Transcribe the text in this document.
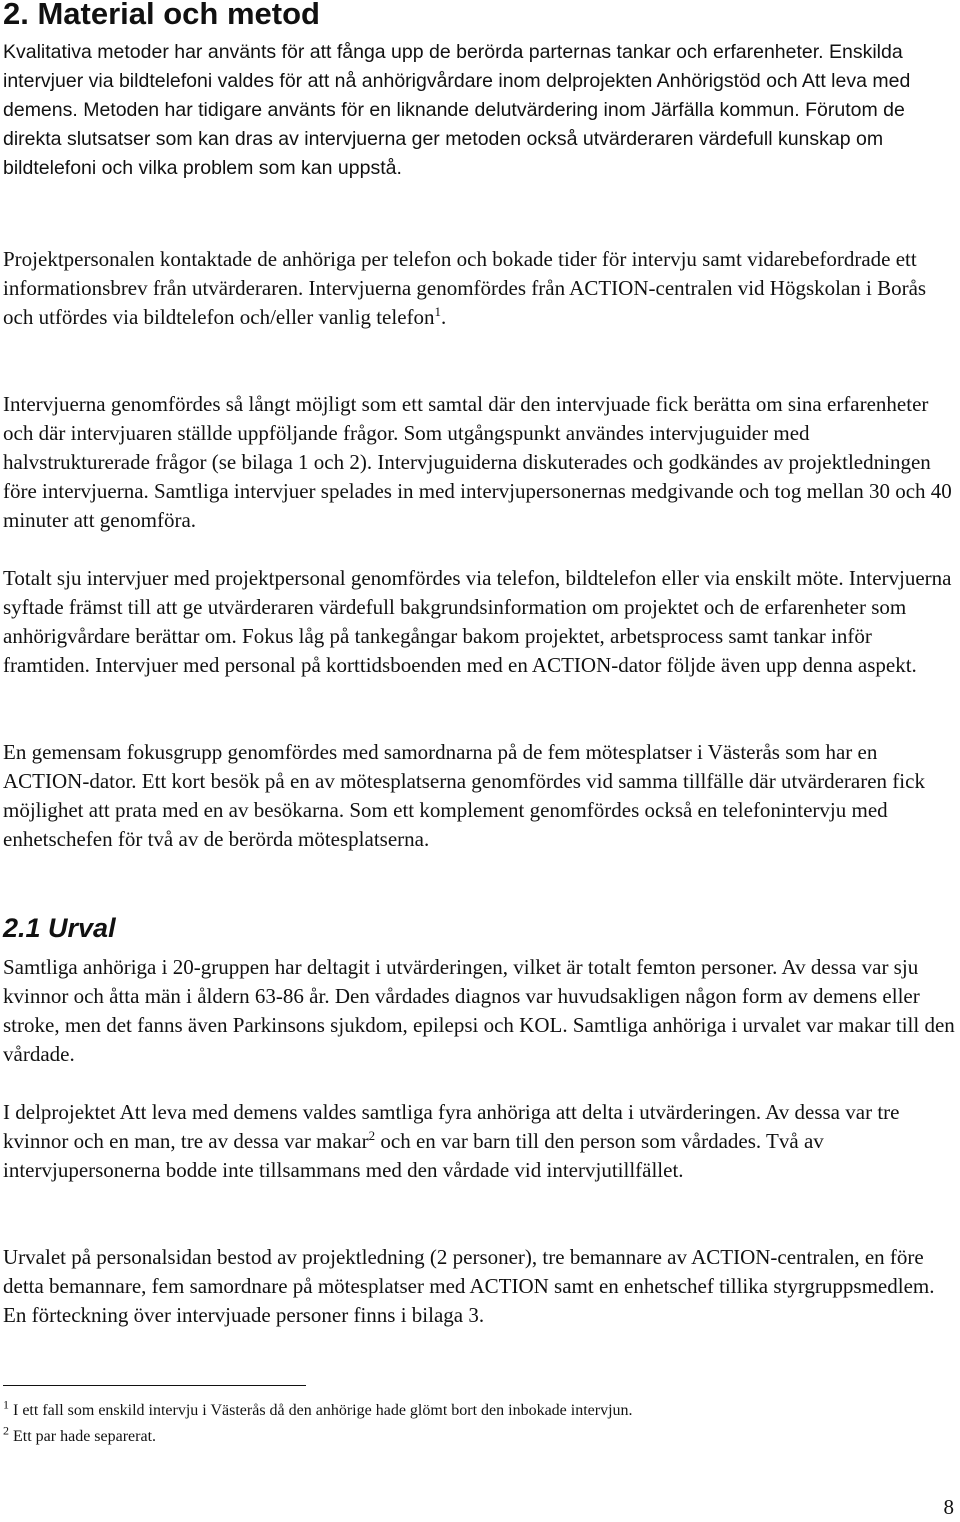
2. Material och metod

Kvalitativa metoder har använts för att fånga upp de berörda parternas tankar och erfarenheter. Enskilda intervjuer via bildtelefoni valdes för att nå anhörigvårdare inom delprojekten Anhörigstöd och Att leva med demens. Metoden har tidigare använts för en liknande delutvärdering inom Järfälla kommun. Förutom de direkta slutsatser som kan dras av intervjuerna ger metoden också utvärderaren värdefull kunskap om bildtelefoni och vilka problem som kan uppstå.

Projektpersonalen kontaktade de anhöriga per telefon och bokade tider för intervju samt vidarebefordrade ett informationsbrev från utvärderaren. Intervjuerna genomfördes från ACTION-centralen vid Högskolan i Borås och utfördes via bildtelefon och/eller vanlig telefon$^1$.

Intervjuerna genomfördes så långt möjligt som ett samtal där den intervjuade fick berätta om sina erfarenheter och där intervjuaren ställde uppföljande frågor. Som utgångspunkt användes intervjuguider med halvstrukturerade frågor (se bilaga 1 och 2). Intervjuguiderna diskuterades och godkändes av projektledningen före intervjuerna. Samtliga intervjuer spelades in med intervjupersonernas medgivande och tog mellan 30 och 40 minuter att genomföra.

Totalt sju intervjuer med projektpersonal genomfördes via telefon, bildtelefon eller via enskilt möte. Intervjuerna syftade främst till att ge utvärderaren värdefull bakgrundsinformation om projektet och de erfarenheter som anhörigvårdare berättar om. Fokus låg på tankegångar bakom projektet, arbetsprocess samt tankar inför framtiden. Intervjuer med personal på korttidsboenden med en ACTION-dator följde även upp denna aspekt.

En gemensam fokusgrupp genomfördes med samordnarna på de fem mötesplatser i Västerås som har en ACTION-dator. Ett kort besök på en av mötesplatserna genomfördes vid samma tillfälle där utvärderaren fick möjlighet att prata med en av besökarna. Som ett komplement genomfördes också en telefonintervju med enhetschefen för två av de berörda mötesplatserna.

2.1 Urval

Samtliga anhöriga i 20-gruppen har deltagit i utvärderingen, vilket är totalt femton personer. Av dessa var sju kvinnor och åtta män i åldern 63-86 år. Den vårdades diagnos var huvudsakligen någon form av demens eller stroke, men det fanns även Parkinsons sjukdom, epilepsi och KOL. Samtliga anhöriga i urvalet var makar till den vårdade.

I delprojektet Att leva med demens valdes samtliga fyra anhöriga att delta i utvärderingen. Av dessa var tre kvinnor och en man, tre av dessa var makar$^2$ och en var barn till den person som vårdades. Två av intervjupersonerna bodde inte tillsammans med den vårdade vid intervjutillfället.

Urvalet på personalsidan bestod av projektledning (2 personer), tre bemannare av ACTION-centralen, en före detta bemannare, fem samordnare på mötesplatser med ACTION samt en enhetschef tillika styrgruppsmedlem. En förteckning över intervjuade personer finns i bilaga 3.

$^1$ I ett fall som enskild intervju i Västerås då den anhörige hade glömt bort den inbokade intervjun.

$^2$ Ett par hade separerat.

8
